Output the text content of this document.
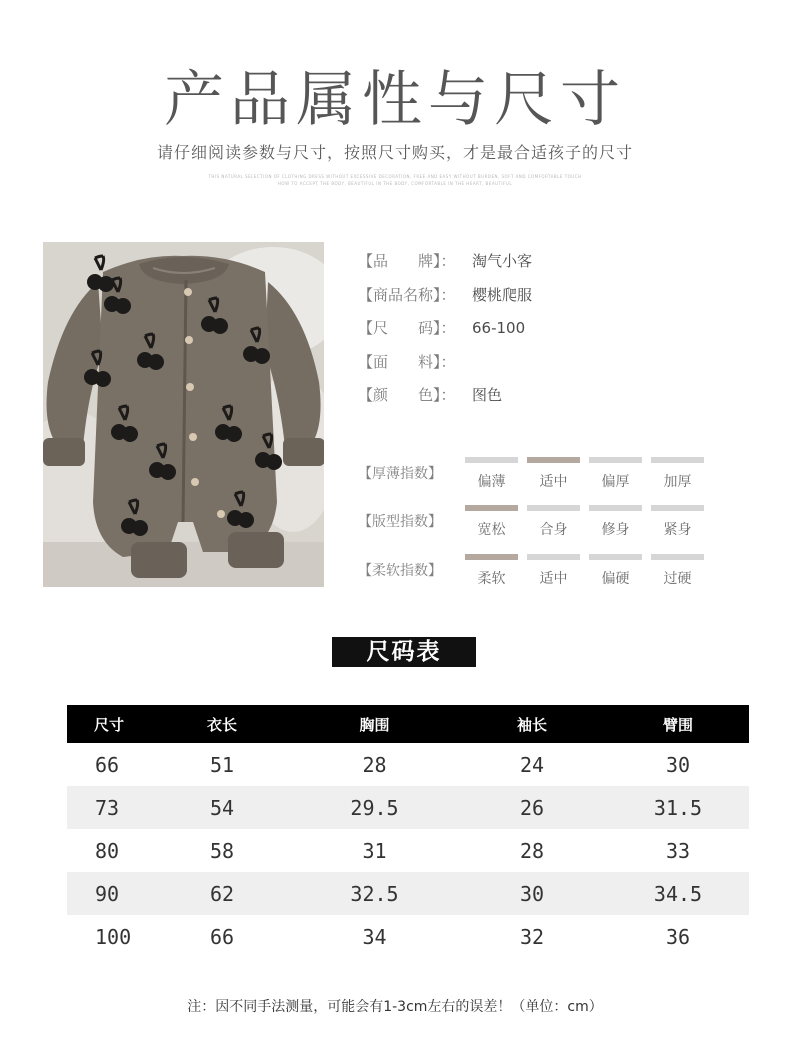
产品属性与尺寸
请仔细阅读参数与尺寸，按照尺寸购买，才是最合适孩子的尺寸
THIS NATURAL SELECTION OF CLOTHING DRESS WITHOUT EXCESSIVE DECORATION, FREE AND EASY WITHOUT BURDEN, SOFT AND COMFORTABLE TOUCH
HOW TO ACCEPT THE BODY, BEAUTIFUL IN THE BODY, COMFORTABLE IN THE HEART, BEAUTIFUL
【品　　牌】：	淘气小客
【商品名称】：	樱桃爬服
【尺　　码】：	66-100
【面　　料】：
【颜　　色】：	图色
【厚薄指数】	偏薄	适中	偏厚	加厚
【版型指数】	宽松	合身	修身	紧身
【柔软指数】	柔软	适中	偏硬	过硬
尺码表
尺寸	衣长	胸围	袖长	臂围
66	51	28	24	30
73	54	29.5	26	31.5
80	58	31	28	33
90	62	32.5	30	34.5
100	66	34	32	36
注：因不同手法测量，可能会有1-3cm左右的误差！（单位：cm）
